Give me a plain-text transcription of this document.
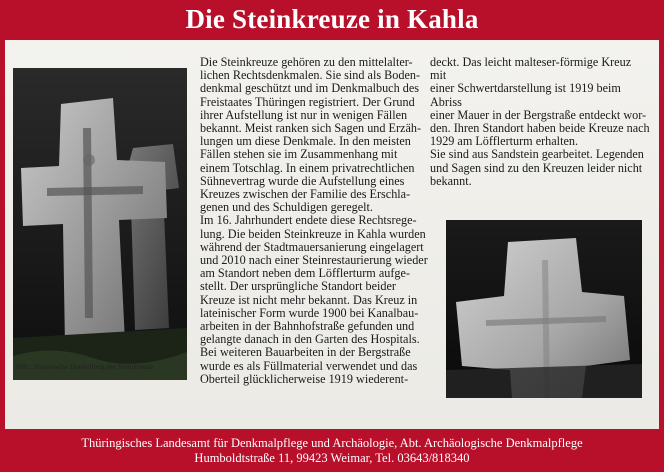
Die Steinkreuze in Kahla
Abb.: Historische Darstellung der Steinkreuze

Die Steinkreuze gehören zu den mittelalter-
lichen Rechtsdenkmalen. Sie sind als Boden-
denkmal geschützt und im Denkmalbuch des
Freistaates Thüringen registriert. Der Grund
ihrer Aufstellung ist nur in wenigen Fällen
bekannt. Meist ranken sich Sagen und Erzäh-
lungen um diese Denkmale. In den meisten
Fällen stehen sie im Zusammenhang mit
einem Totschlag. In einem privatrechtlichen
Sühnevertrag wurde die Aufstellung eines
Kreuzes zwischen der Familie des Erschla-
genen und des Schuldigen geregelt.
Im 16. Jahrhundert endete diese Rechtsrege-
lung. Die beiden Steinkreuze in Kahla wurden
während der Stadtmauersanierung eingelagert
und 2010 nach einer Steinrestaurierung wieder
am Standort neben dem Löfflerturm aufge-
stellt. Der ursprüngliche Standort beider
Kreuze ist nicht mehr bekannt. Das Kreuz in
lateinischer Form wurde 1900 bei Kanalbau-
arbeiten in der Bahnhofstraße gefunden und
gelangte danach in den Garten des Hospitals.
Bei weiteren Bauarbeiten in der Bergstraße
wurde es als Füllmaterial verwendet und das
Oberteil glücklicherweise 1919 wiederent-

deckt. Das leicht malteser-förmige Kreuz mit
einer Schwertdarstellung ist 1919 beim Abriss
einer Mauer in der Bergstraße entdeckt wor-
den. Ihren Standort haben beide Kreuze nach
1929 am Löfflerturm erhalten.
Sie sind aus Sandstein gearbeitet. Legenden
und Sagen sind zu den Kreuzen leider nicht
bekannt.

Thüringisches Landesamt für Denkmalpflege und Archäologie, Abt. Archäologische Denkmalpflege
Humboldtstraße 11, 99423 Weimar, Tel. 03643/818340
